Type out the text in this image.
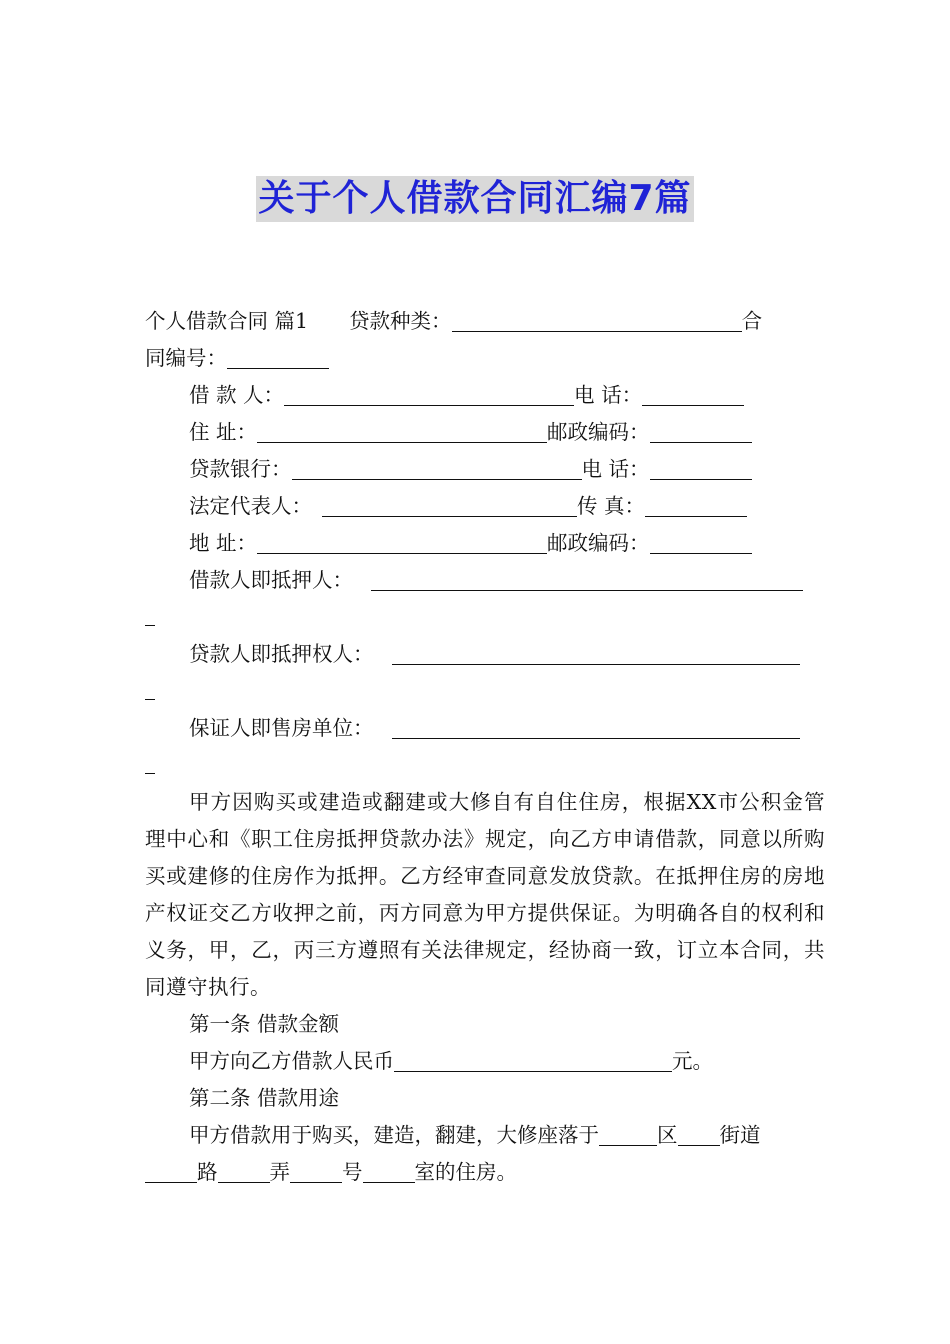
关于个人借款合同汇编7篇
个人借款合同 篇1　　贷款种类：	合
同编号：
借 款 人：	电 话：
住 址：	邮政编码：
贷款银行：	电 话：
法定代表人：	传 真：
地 址：	邮政编码：
借款人即抵押人：
贷款人即抵押权人：
保证人即售房单位：
甲方因购买或建造或翻建或大修自有自住住房，根据XX市公积金管理中心和《职工住房抵押贷款办法》规定，向乙方申请借款，同意以所购买或建修的住房作为抵押。乙方经审查同意发放贷款。在抵押住房的房地产权证交乙方收押之前，丙方同意为甲方提供保证。为明确各自的权利和义务，甲，乙，丙三方遵照有关法律规定，经协商一致，订立本合同，共同遵守执行。
第一条 借款金额
甲方向乙方借款人民币	元。
第二条 借款用途
甲方借款用于购买，建造，翻建，大修座落于	区 街道
路	弄	号	室的住房。
